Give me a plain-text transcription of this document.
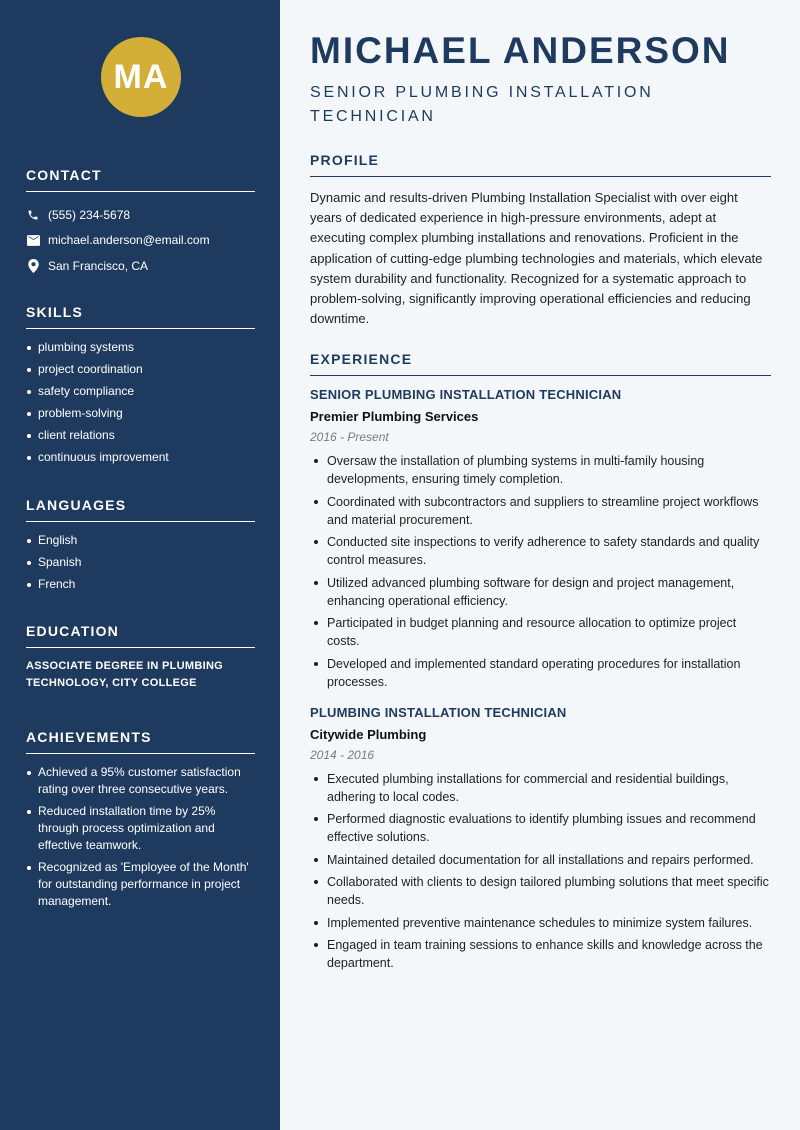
MA
CONTACT
(555) 234-5678
michael.anderson@email.com
San Francisco, CA
SKILLS
plumbing systems
project coordination
safety compliance
problem-solving
client relations
continuous improvement
LANGUAGES
English
Spanish
French
EDUCATION

ASSOCIATE DEGREE IN PLUMBING TECHNOLOGY, CITY COLLEGE

ACHIEVEMENTS
Achieved a 95% customer satisfaction rating over three consecutive years.
Reduced installation time by 25% through process optimization and effective teamwork.
Recognized as 'Employee of the Month' for outstanding performance in project management.
MICHAEL ANDERSON
SENIOR PLUMBING INSTALLATION TECHNICIAN
PROFILE

Dynamic and results-driven Plumbing Installation Specialist with over eight years of dedicated experience in high-pressure environments, adept at executing complex plumbing installations and renovations. Proficient in the application of cutting-edge plumbing technologies and materials, which elevate system durability and functionality. Recognized for a systematic approach to problem-solving, significantly improving operational efficiencies and reducing downtime.

EXPERIENCE
SENIOR PLUMBING INSTALLATION TECHNICIAN
Premier Plumbing Services
2016 - Present
Oversaw the installation of plumbing systems in multi-family housing developments, ensuring timely completion.
Coordinated with subcontractors and suppliers to streamline project workflows and material procurement.
Conducted site inspections to verify adherence to safety standards and quality control measures.
Utilized advanced plumbing software for design and project management, enhancing operational efficiency.
Participated in budget planning and resource allocation to optimize project costs.
Developed and implemented standard operating procedures for installation processes.
PLUMBING INSTALLATION TECHNICIAN
Citywide Plumbing
2014 - 2016
Executed plumbing installations for commercial and residential buildings, adhering to local codes.
Performed diagnostic evaluations to identify plumbing issues and recommend effective solutions.
Maintained detailed documentation for all installations and repairs performed.
Collaborated with clients to design tailored plumbing solutions that meet specific needs.
Implemented preventive maintenance schedules to minimize system failures.
Engaged in team training sessions to enhance skills and knowledge across the department.
